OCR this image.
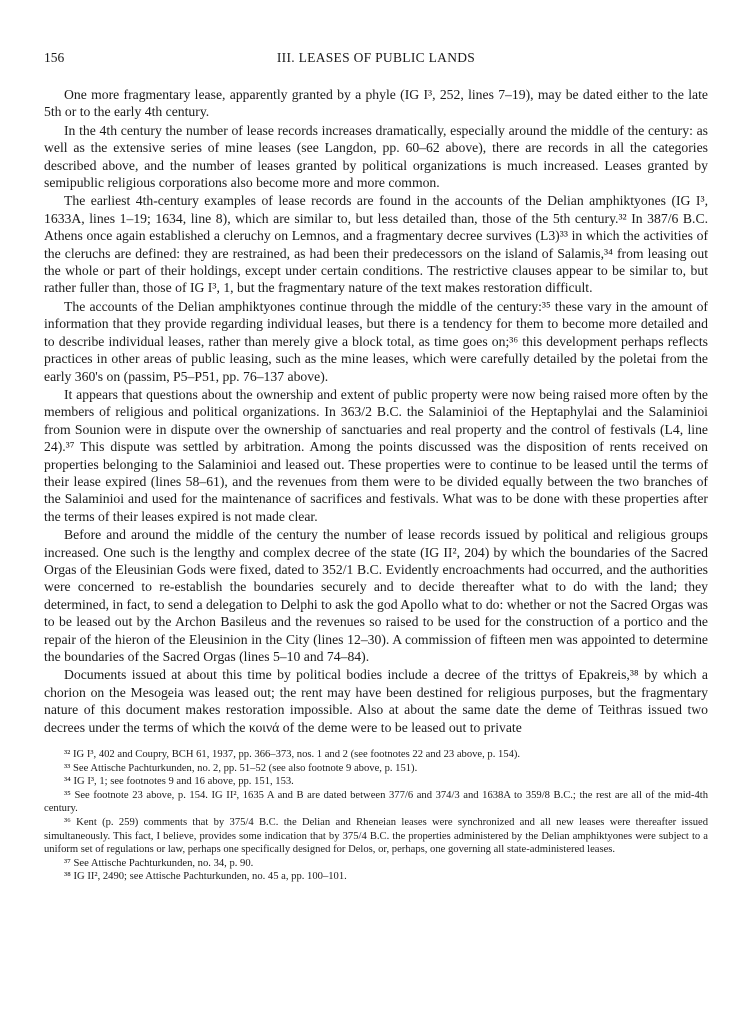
156	III. LEASES OF PUBLIC LANDS

One more fragmentary lease, apparently granted by a phyle (IG I³, 252, lines 7–19), may be dated either to the late 5th or to the early 4th century.

In the 4th century the number of lease records increases dramatically, especially around the middle of the century: as well as the extensive series of mine leases (see Langdon, pp. 60–62 above), there are records in all the categories described above, and the number of leases granted by political organizations is much increased. Leases granted by semipublic religious corporations also become more and more common.

The earliest 4th-century examples of lease records are found in the accounts of the Delian amphiktyones (IG I³, 1633A, lines 1–19; 1634, line 8), which are similar to, but less detailed than, those of the 5th century.³² In 387/6 B.C. Athens once again established a cleruchy on Lemnos, and a fragmentary decree survives (L3)³³ in which the activities of the cleruchs are defined: they are restrained, as had been their predecessors on the island of Salamis,³⁴ from leasing out the whole or part of their holdings, except under certain conditions. The restrictive clauses appear to be similar to, but rather fuller than, those of IG I³, 1, but the fragmentary nature of the text makes restoration difficult.

The accounts of the Delian amphiktyones continue through the middle of the century:³⁵ these vary in the amount of information that they provide regarding individual leases, but there is a tendency for them to become more detailed and to describe individual leases, rather than merely give a block total, as time goes on;³⁶ this development perhaps reflects practices in other areas of public leasing, such as the mine leases, which were carefully detailed by the poletai from the early 360's on (passim, P5–P51, pp. 76–137 above).

It appears that questions about the ownership and extent of public property were now being raised more often by the members of religious and political organizations. In 363/2 B.C. the Salaminioi of the Heptaphylai and the Salaminioi from Sounion were in dispute over the ownership of sanctuaries and real property and the control of festivals (L4, line 24).³⁷ This dispute was settled by arbitration. Among the points discussed was the disposition of rents received on properties belonging to the Salaminioi and leased out. These properties were to continue to be leased until the terms of their lease expired (lines 58–61), and the revenues from them were to be divided equally between the two branches of the Salaminioi and used for the maintenance of sacrifices and festivals. What was to be done with these properties after the terms of their leases expired is not made clear.

Before and around the middle of the century the number of lease records issued by political and religious groups increased. One such is the lengthy and complex decree of the state (IG II², 204) by which the boundaries of the Sacred Orgas of the Eleusinian Gods were fixed, dated to 352/1 B.C. Evidently encroachments had occurred, and the authorities were concerned to re-establish the boundaries securely and to decide thereafter what to do with the land; they determined, in fact, to send a delegation to Delphi to ask the god Apollo what to do: whether or not the Sacred Orgas was to be leased out by the Archon Basileus and the revenues so raised to be used for the construction of a portico and the repair of the hieron of the Eleusinion in the City (lines 12–30). A commission of fifteen men was appointed to determine the boundaries of the Sacred Orgas (lines 5–10 and 74–84).

Documents issued at about this time by political bodies include a decree of the trittys of Epakreis,³⁸ by which a chorion on the Mesogeia was leased out; the rent may have been destined for religious purposes, but the fragmentary nature of this document makes restoration impossible. Also at about the same date the deme of Teithras issued two decrees under the terms of which the κοινά of the deme were to be leased out to private

³² IG I³, 402 and Coupry, BCH 61, 1937, pp. 366–373, nos. 1 and 2 (see footnotes 22 and 23 above, p. 154).
³³ See Attische Pachturkunden, no. 2, pp. 51–52 (see also footnote 9 above, p. 151).
³⁴ IG I³, 1; see footnotes 9 and 16 above, pp. 151, 153.
³⁵ See footnote 23 above, p. 154. IG II², 1635 A and B are dated between 377/6 and 374/3 and 1638A to 359/8 B.C.; the rest are all of the mid-4th century.
³⁶ Kent (p. 259) comments that by 375/4 B.C. the Delian and Rheneian leases were synchronized and all new leases were thereafter issued simultaneously. This fact, I believe, provides some indication that by 375/4 B.C. the properties administered by the Delian amphiktyones were subject to a uniform set of regulations or law, perhaps one specifically designed for Delos, or, perhaps, one governing all state-administered leases.
³⁷ See Attische Pachturkunden, no. 34, p. 90.
³⁸ IG II², 2490; see Attische Pachturkunden, no. 45 a, pp. 100–101.
